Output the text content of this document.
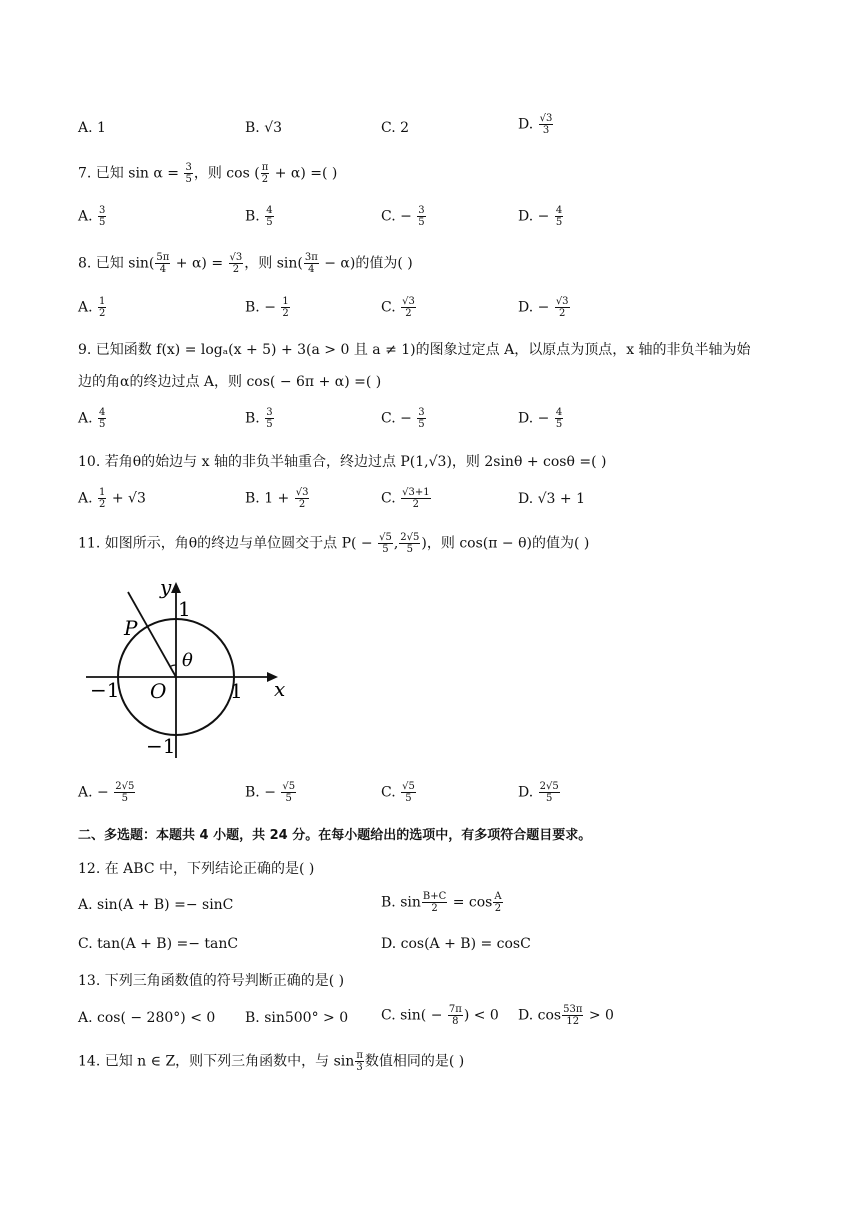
A. 1	B. √3	C. 2	D. $\frac{√3}{3}$
7. 已知 $\sin \alpha = \frac{3}{5}$ ，则 cos ( $\frac{\pi}{2} + \alpha$) =( )
A. $\frac{3}{5}$	B. $\frac{4}{5}$	C. − $\frac{3}{5}$	D. − $\frac{4}{5}$
8. 已知 $\sin( \frac{5\pi}{4} + \alpha) = \frac{√3}{2}$ ，则 $\sin( \frac{3\pi}{4} - \alpha)$的值为( )
A. $\frac{1}{2}$	B. − $\frac{1}{2}$	C. $\frac{√3}{2}$	D. − $\frac{√3}{2}$
9. 已知函数 f(x) = logₐ(x + 5) + 3(a > 0 且 a ≠ 1)的图象过定点 A，以原点为顶点，x 轴的非负半轴为始
边的角α的终边过点 A，则 cos( − 6π + α) =( )
A. $\frac{4}{5}$	B. $\frac{3}{5}$	C. − $\frac{3}{5}$	D. − $\frac{4}{5}$
10. 若角θ的始边与 x 轴的非负半轴重合，终边过点 P(1,√3)，则 2sinθ + cosθ =( )
A. $\frac{1}{2} + √3$	B. $1 + \frac{√3}{2}$	C. $\frac{√3+1}{2}$	D. √3 + 1
11. 如图所示，角θ的终边与单位圆交于点 $P( - \frac{√5}{5}$ , $\frac{2√5}{5}$ )，则 cos(π − θ)的值为( )
y
x
1
P
θ
−1 O	1
−1
A. − $\frac{2√5}{5}$	B. − $\frac{√5}{5}$	C. $\frac{√5}{5}$	D. $\frac{2√5}{5}$
二、多选题：本题共 4 小题，共 24 分。在每小题给出的选项中，有多项符合题目要求。
12. 在 ABC 中，下列结论正确的是( )
A. sin(A + B) =− sinC	B. $\sin \frac{B+C}{2} = \cos \frac{A}{2}$
C. tan(A + B) =− tanC	D. cos(A + B) = cosC
13. 下列三角函数值的符号判断正确的是( )
A. cos( − 280°) < 0 B. sin500° > 0 C. $\sin( - \frac{7\pi}{8}$ ) < 0 D. $\cos \frac{53\pi}{12} > 0$
14. 已知 n ∈ Z，则下列三角函数中，与 $\sin \frac{\pi}{3}$ 数值相同的是( )
